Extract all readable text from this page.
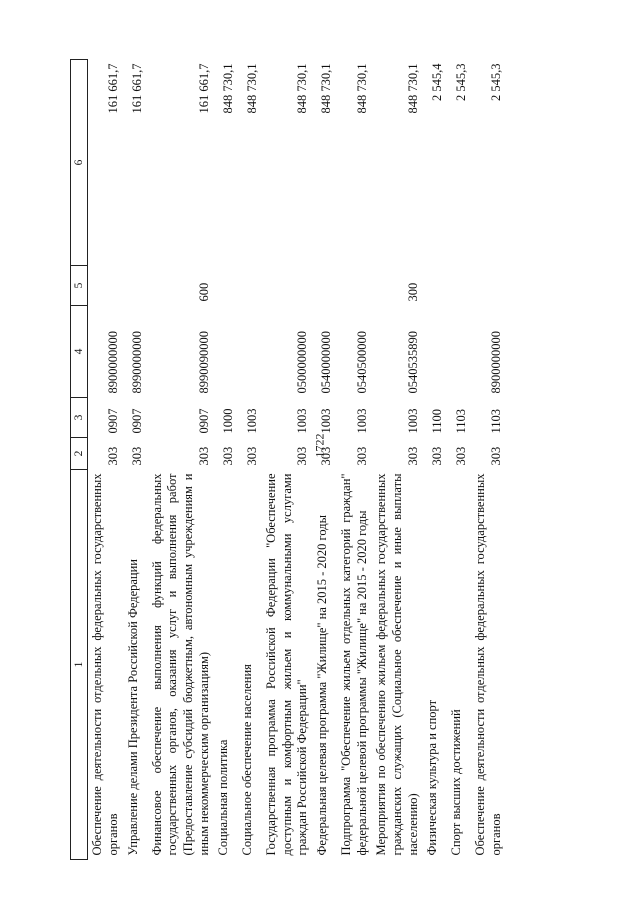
1722
1	2	3	4	5	6
Обеспечение деятельности отдельных федеральных государственных органов	303	0907	8900000000		161 661,7
Управление делами Президента Российской Федерации	303	0907	8990000000		161 661,7
Финансовое обеспечение выполнения функций федеральных государственных органов, оказания услуг и выполнения работ (Предоставление субсидий бюджетным, автономным учреждениям и иным некоммерческим организациям)	303	0907	8990090000	600	161 661,7
Социальная политика	303	1000			848 730,1
Социальное обеспечение населения	303	1003			848 730,1
Государственная программа Российской Федерации "Обеспечение доступным и комфортным жильем и коммунальными услугами граждан Российской Федерации"	303	1003	0500000000		848 730,1
Федеральная целевая программа "Жилище" на 2015 - 2020 годы	303	1003	0540000000		848 730,1
Подпрограмма "Обеспечение жильем отдельных категорий граждан" федеральной целевой программы "Жилище" на 2015 - 2020 годы	303	1003	0540500000		848 730,1
Мероприятия по обеспечению жильем федеральных государственных гражданских служащих (Социальное обеспечение и иные выплаты населению)	303	1003	0540535890	300	848 730,1
Физическая культура и спорт	303	1100			2 545,4
Спорт высших достижений	303	1103			2 545,3
Обеспечение деятельности отдельных федеральных государственных органов	303	1103	8900000000		2 545,3
